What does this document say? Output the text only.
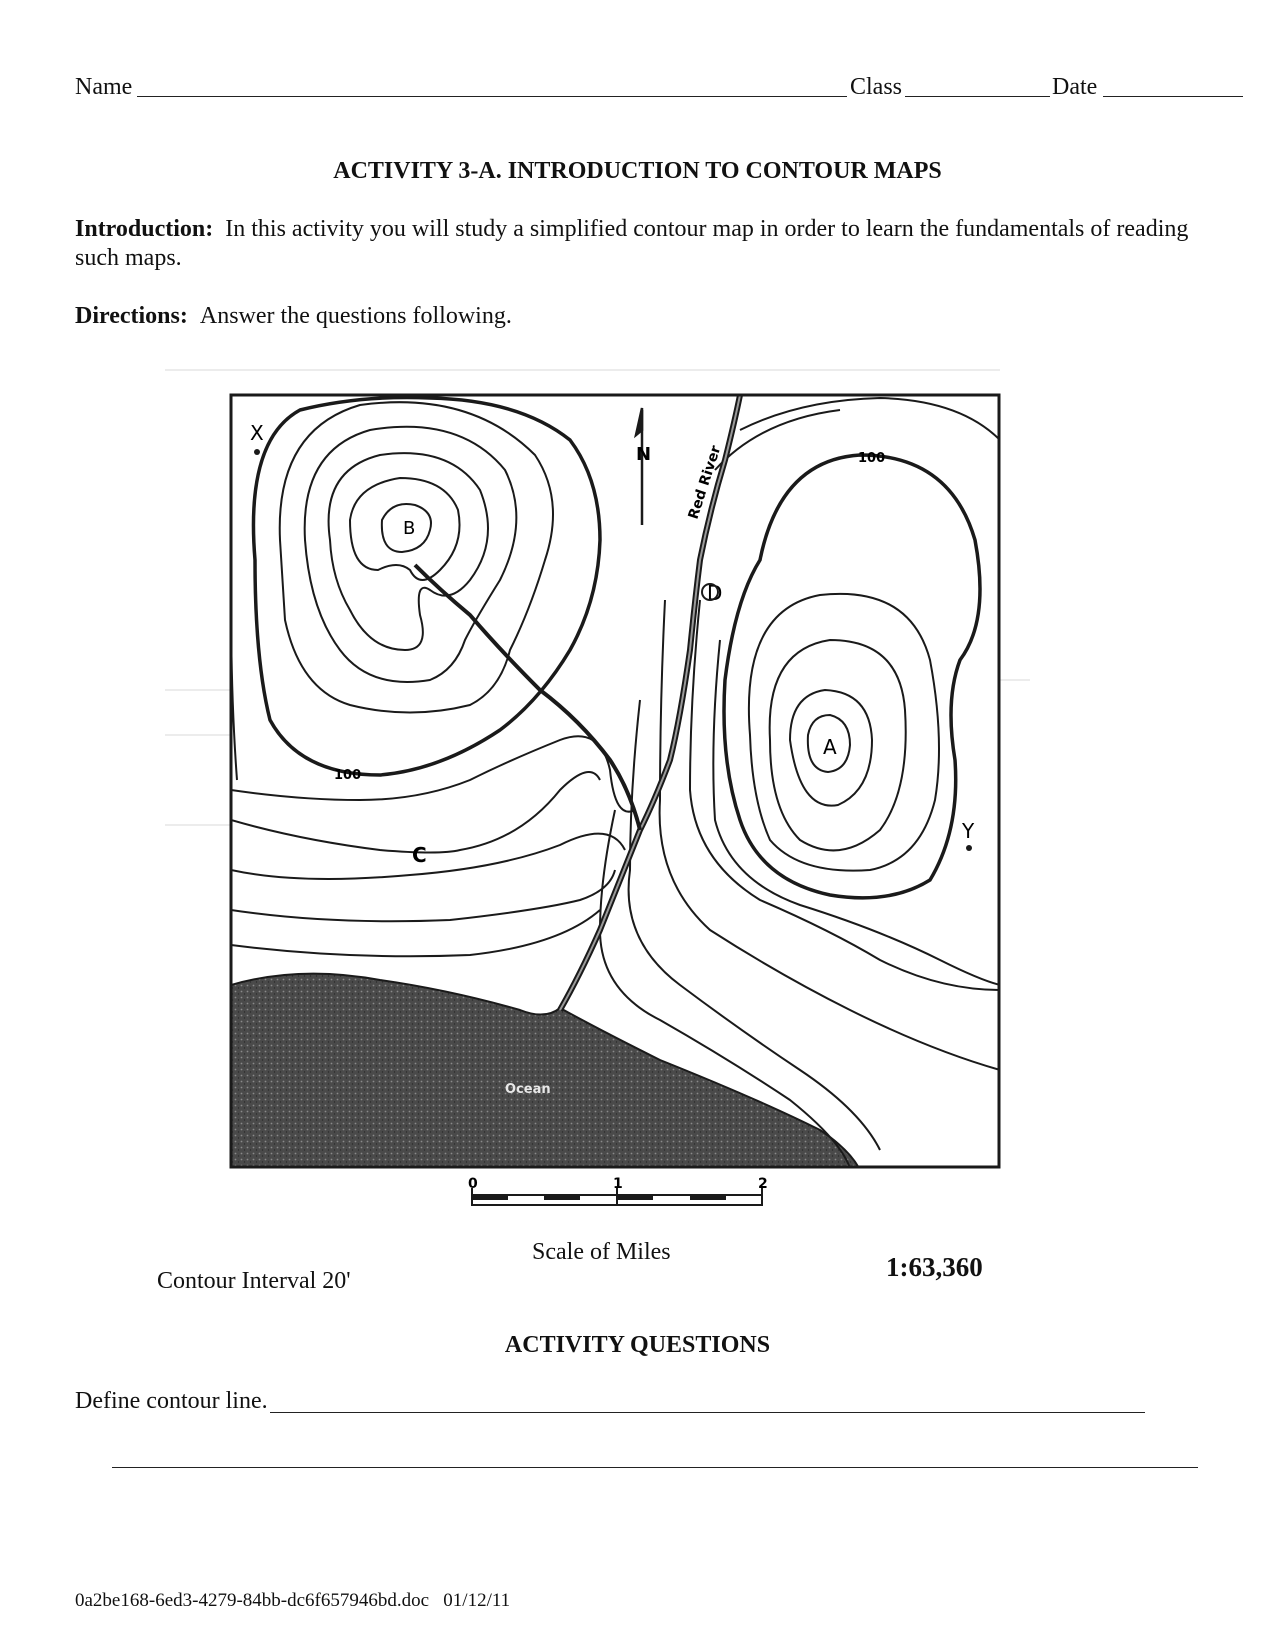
Name	Class	Date
ACTIVITY 3-A. INTRODUCTION TO CONTOUR MAPS
Introduction: In this activity you will study a simplified contour map in order to learn the fundamentals of reading such maps.
Directions: Answer the questions following.
N
X
Y
B
A
C
D
Red River
100
100
Ocean
0	1	2
Scale of Miles	1:63,360
Contour Interval 20'
ACTIVITY QUESTIONS
Define contour line.
0a2be168-6ed3-4279-84bb-dc6f657946bd.doc   01/12/11
